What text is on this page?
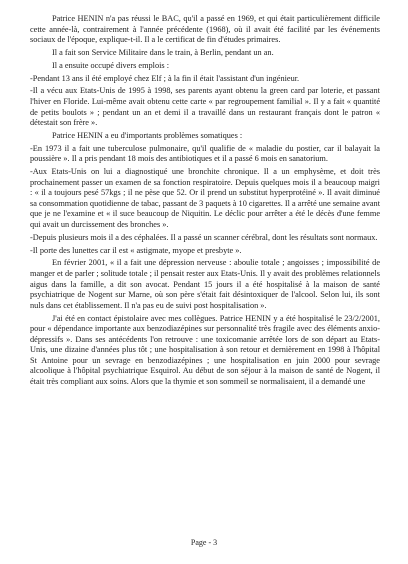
Patrice HENIN n'a pas réussi le BAC, qu'il a passé en 1969, et qui était particulièrement difficile cette année-là, contrairement à l'année précédente (1968), où il avait été facilité par les événements sociaux de l'époque, explique-t-il. Il a le certificat de fin d'études primaires.

Il a fait son Service Militaire dans le train, à Berlin, pendant un an.

Il a ensuite occupé divers emplois :

-Pendant 13 ans il été employé chez Elf ; à la fin il était l'assistant d'un ingénieur.

-Il a vécu aux Etats-Unis de 1995 à 1998, ses parents ayant obtenu la green card par loterie, et passant l'hiver en Floride. Lui-même avait obtenu cette carte « par regroupement familial ». Il y a fait « quantité de petits boulots » ; pendant un an et demi il a travaillé dans un restaurant français dont le patron « détestait son frère ».

Patrice HENIN a eu d'importants problèmes somatiques :

-En 1973 il a fait une tuberculose pulmonaire, qu'il qualifie de « maladie du postier, car il balayait la poussière ». Il a pris pendant 18 mois des antibiotiques et il a passé 6 mois en sanatorium.

-Aux Etats-Unis on lui a diagnostiqué une bronchite chronique. Il a un emphysème, et doit très prochainement passer un examen de sa fonction respiratoire. Depuis quelques mois il a beaucoup maigri : « il a toujours pesé 57kgs ; il ne pèse que 52. Or il prend un substitut hyperprotéiné ». Il avait diminué sa consommation quotidienne de tabac, passant de 3 paquets à 10 cigarettes. Il a arrêté une semaine avant que je ne l'examine et « il suce beaucoup de Niquitin. Le déclic pour arrêter a été le décès d'une femme qui avait un durcissement des bronches ».

-Depuis plusieurs mois il a des céphalées. Il a passé un scanner cérébral, dont les résultats sont normaux.

-Il porte des lunettes car il est « astigmate, myope et presbyte ».

En février 2001, « il a fait une dépression nerveuse : aboulie totale ; angoisses ; impossibilité de manger et de parler ; solitude totale ; il pensait rester aux Etats-Unis. Il y avait des problèmes relationnels aigus dans la famille, a dit son avocat. Pendant 15 jours il a été hospitalisé à la maison de santé psychiatrique de Nogent sur Marne, où son père s'était fait désintoxiquer de l'alcool. Selon lui, ils sont nuls dans cet établissement. Il n'a pas eu de suivi post hospitalisation ».

J'ai été en contact épistolaire avec mes collègues. Patrice HENIN y a été hospitalisé le 23/2/2001, pour « dépendance importante aux benzodiazépines sur personnalité très fragile avec des éléments anxio-dépressifs ». Dans ses antécédents l'on retrouve : une toxicomanie arrêtée lors de son départ au Etats-Unis, une dizaine d'années plus tôt ; une hospitalisation à son retour et dernièrement en 1998 à l'hôpital St Antoine pour un sevrage en benzodiazépines ; une hospitalisation en juin 2000 pour sevrage alcoolique à l'hôpital psychiatrique Esquirol. Au début de son séjour à la maison de santé de Nogent, il était très compliant aux soins. Alors que la thymie et son sommeil se normalisaient, il a demandé une

Page - 3
